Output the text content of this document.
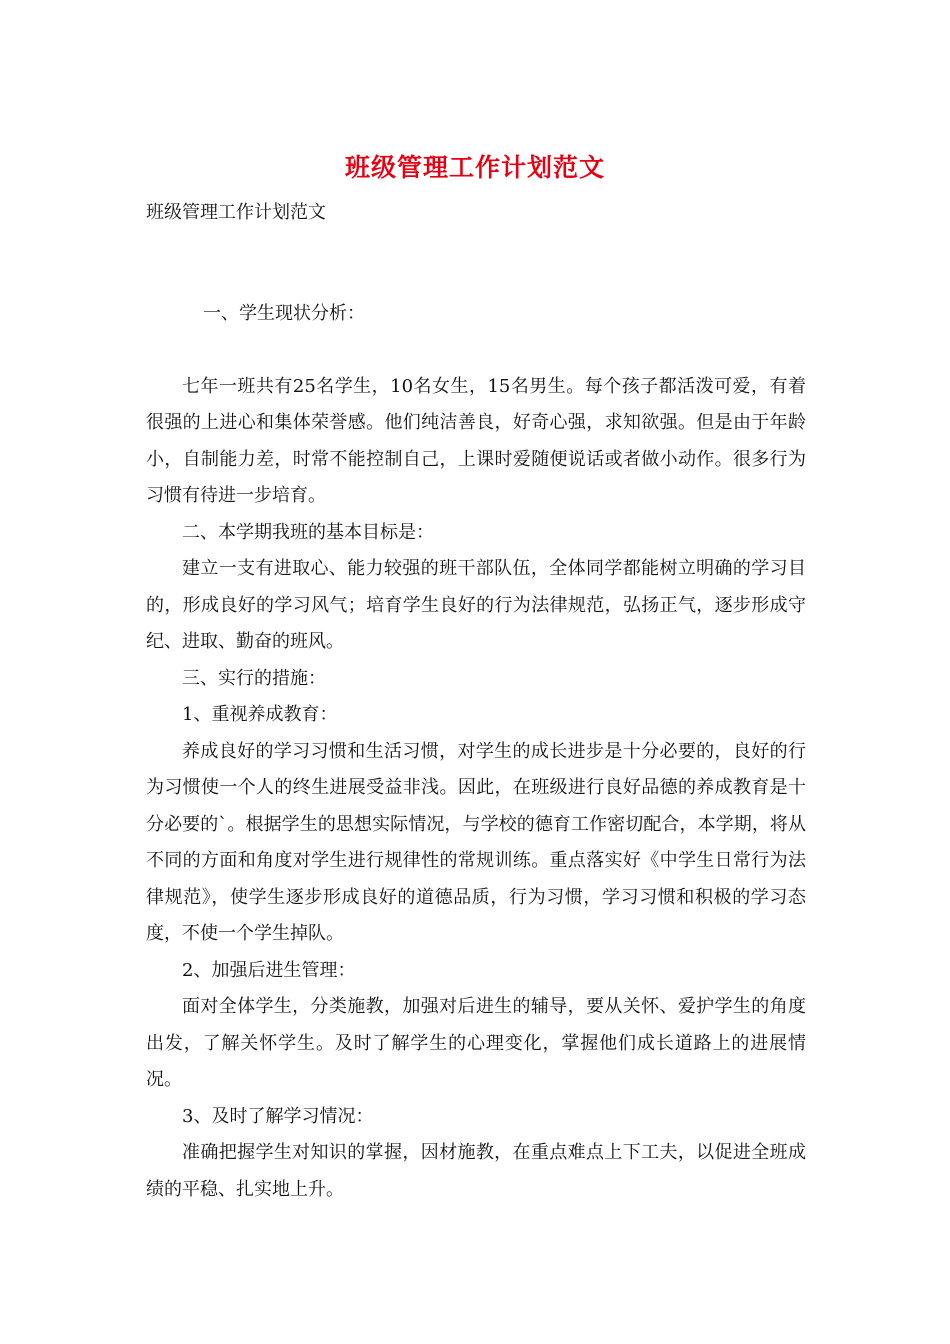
班级管理工作计划范文
班级管理工作计划范文

一、学生现状分析：

七年一班共有25名学生，10名女生，15名男生。每个孩子都活泼可爱，有着很强的上进心和集体荣誉感。他们纯洁善良，好奇心强，求知欲强。但是由于年龄小，自制能力差，时常不能控制自己，上课时爱随便说话或者做小动作。很多行为习惯有待进一步培育。

二、本学期我班的基本目标是：

建立一支有进取心、能力较强的班干部队伍，全体同学都能树立明确的学习目的，形成良好的学习风气；培育学生良好的行为法律规范，弘扬正气，逐步形成守纪、进取、勤奋的班风。

三、实行的措施：

1、重视养成教育：

养成良好的学习习惯和生活习惯，对学生的成长进步是十分必要的，良好的行为习惯使一个人的终生进展受益非浅。因此，在班级进行良好品德的养成教育是十分必要的`。根据学生的思想实际情况，与学校的德育工作密切配合，本学期，将从不同的方面和角度对学生进行规律性的常规训练。重点落实好《中学生日常行为法律规范》，使学生逐步形成良好的道德品质，行为习惯，学习习惯和积极的学习态度，不使一个学生掉队。

2、加强后进生管理：

面对全体学生，分类施教，加强对后进生的辅导，要从关怀、爱护学生的角度出发，了解关怀学生。及时了解学生的心理变化，掌握他们成长道路上的进展情况。

3、及时了解学习情况：

准确把握学生对知识的掌握，因材施教，在重点难点上下工夫，以促进全班成绩的平稳、扎实地上升。
